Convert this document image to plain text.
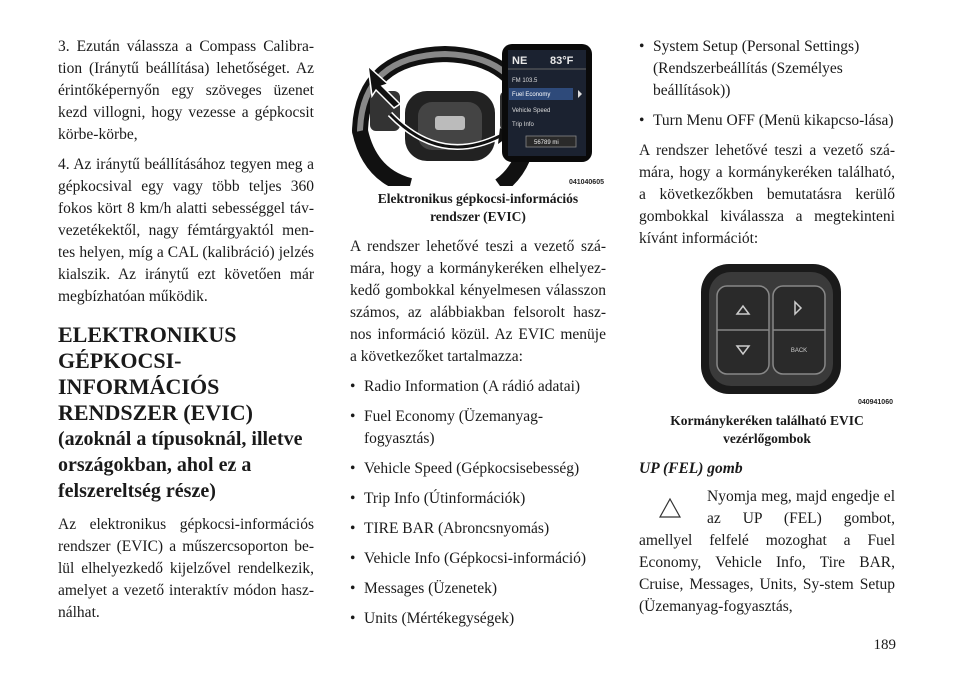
3. Ezután válassza a Compass Calibra-tion (Iránytű beállítása) lehetőséget. Az érintőképernyőn egy szöveges üzenet kezd villogni, hogy vezesse a gépkocsit körbe-körbe,

4. Az iránytű beállításához tegyen meg a gépkocsival egy vagy több teljes 360 fokos kört 8 km/h alatti sebességgel táv-vezetékektől, nagy fémtárgyaktól men-tes helyen, míg a CAL (kalibráció) jelzés kialszik. Az iránytű ezt követően már megbízhatóan működik.

ELEKTRONIKUS
GÉPKOCSI-
INFORMÁCIÓS
RENDSZER (EVIC)
(azoknál a típusoknál, illetve
országokban, ahol ez a
felszereltség része)

Az elektronikus gépkocsi-információs rendszer (EVIC) a műszercsoporton be-lül elhelyezkedő kijelzővel rendelkezik, amelyet a vezető interaktív módon hasz-nálhat.

NE 83°F
FM 103.5
Fuel Economy
Vehicle Speed
Trip Info
56789 mi
041040605
Elektronikus gépkocsi-információs
rendszer (EVIC)

A rendszer lehetővé teszi a vezető szá-mára, hogy a kormánykeréken elhelyez-kedő gombokkal kényelmesen válasszon számos, az alábbiakban felsorolt hasz-nos információ közül. Az EVIC menüje a következőket tartalmazza:

• Radio Information (A rádió adatai)
• Fuel Economy (Üzemanyag-fogyasztás)
• Vehicle Speed (Gépkocsisebesség)
• Trip Info (Útinformációk)
• TIRE BAR (Abroncsnyomás)
• Vehicle Info (Gépkocsi-információ)
• Messages (Üzenetek)
• Units (Mértékegységek)
• System Setup (Personal Settings) (Rendszerbeállítás (Személyes beállítások))
• Turn Menu OFF (Menü kikapcso-lása)

A rendszer lehetővé teszi a vezető szá-mára, hogy a kormánykeréken található, a következőkben bemutatásra kerülő gombokkal kiválassza a megtekinteni kívánt információt:

BACK
040941060
Kormánykeréken található EVIC
vezérlőgombok
UP (FEL) gomb

Nyomja meg, majd engedje el az UP (FEL) gombot, amellyel felfelé mozoghat a Fuel Economy, Vehicle Info, Tire BAR, Cruise, Messages, Units, Sy-stem Setup (Üzemanyag-fogyasztás,

189
